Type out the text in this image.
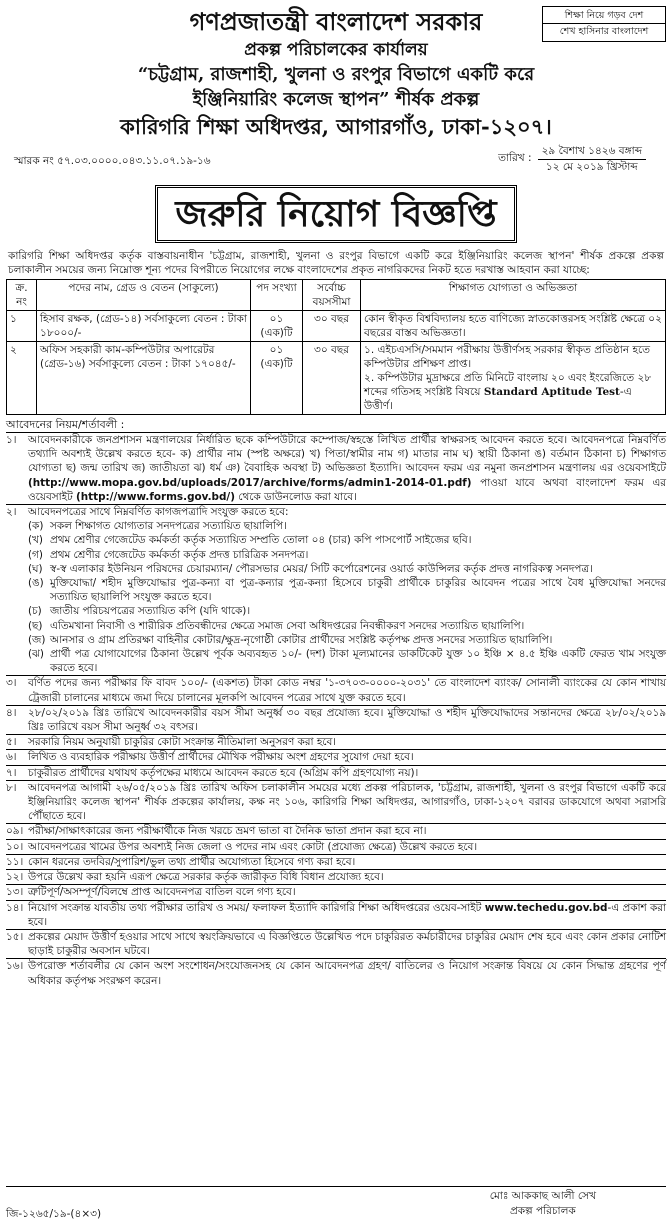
শিক্ষা নিয়ে গড়ব দেশ
শেখ হাসিনার বাংলাদেশ
গণপ্রজাতন্ত্রী বাংলাদেশ সরকার
প্রকল্প পরিচালকের কার্যালয়
“চট্টগ্রাম, রাজশাহী, খুলনা ও রংপুর বিভাগে একটি করে
ইঞ্জিনিয়ারিং কলেজ স্থাপন” শীর্ষক প্রকল্প
কারিগরি শিক্ষা অধিদপ্তর, আগারগাঁও, ঢাকা-১২০৭।
স্মারক নং ৫৭.০৩.০০০০.০৪৩.১১.০৭.১৯-১৬	তারিখ :
২৯ বৈশাখ ১৪২৬ বঙ্গাব্দ
১২ মে ২০১৯ খ্রিস্টাব্দ
জরুরি নিয়োগ বিজ্ঞপ্তি
কারিগরি শিক্ষা অধিদপ্তর কর্তৃক বাস্তবায়নাধীন 'চট্টগ্রাম, রাজশাহী, খুলনা ও রংপুর বিভাগে একটি করে ইঞ্জিনিয়ারিং কলেজ স্থাপন' শীর্ষক প্রকল্পে প্রকল্প চলাকালীন সময়ের জন্য নিম্নোক্ত শূন্য পদের বিপরীতে নিয়োগের লক্ষে বাংলাদেশের প্রকৃত নাগরিকদের নিকট হতে দরখাস্ত আহবান করা যাচ্ছে:
ক্র. নং	পদের নাম, গ্রেড ও বেতন (সাকুল্যে)	পদ সংখ্যা	সর্বোচ্চ বয়সসীমা	শিক্ষাগত যোগ্যতা ও অভিজ্ঞতা
১	হিসাব রক্ষক, (গ্রেড-১৪) সর্বসাকুল্যে বেতন : টাকা ১৮০০০/-	০১ (এক)টি	৩০ বছর	কোন স্বীকৃত বিশ্ববিদ্যালয় হতে বাণিজ্যে স্নাতকোত্তরসহ সংশ্লিষ্ট ক্ষেত্রে ০২ বছরের বাস্তব অভিজ্ঞতা।
২	অফিস সহকারী কাম-কম্পিউটার অপারেটর (গ্রেড-১৬) সর্বসাকুল্যে বেতন : টাকা ১৭০৪৫/-	০১ (এক)টি	৩০ বছর	১. এইচএসসি/সমমান পরীক্ষায় উত্তীর্ণসহ সরকার স্বীকৃত প্রতিষ্ঠান হতে কম্পিউটার প্রশিক্ষণ প্রাপ্ত।
২. কম্পিউটার মুদ্রাক্ষরে প্রতি মিনিটে বাংলায় ২০ এবং ইংরেজিতে ২৮ শব্দের গতিসহ সংশ্লিষ্ট বিষয়ে Standard Aptitude Test-এ উত্তীর্ণ।
আবেদনের নিয়ম/শর্তাবলী :
১।	আবেদনকারীকে জনপ্রশাসন মন্ত্রণালয়ের নির্ধারিত ছকে কম্পিউটারে কম্পোজ/স্বহস্তে লিখিত প্রার্থীর স্বাক্ষরসহ আবেদন করতে হবে। আবেদনপত্রে নিম্নবর্ণিত তথ্যাদি অবশ্যই উল্লেখ করতে হবে- ক) প্রার্থীর নাম (স্পষ্ট অক্ষরে) খ) পিতা/স্বামীর নাম গ) মাতার নাম ঘ) স্থায়ী ঠিকানা ঙ) বর্তমান ঠিকানা চ) শিক্ষাগত যোগ্যতা ছ) জন্ম তারিখ জ) জাতীয়তা ঝ) ধর্ম ঞ) বৈবাহিক অবস্থা ট) অভিজ্ঞতা ইত্যাদি। আবেদন ফরম এর নমুনা জনপ্রশাসন মন্ত্রণালয় এর ওয়েবসাইটে (http://www.mopa.gov.bd/uploads/2017/archive/forms/admin1-2014-01.pdf) পাওয়া যাবে অথবা বাংলাদেশ ফরম এর ওয়েবসাইট (http://www.forms.gov.bd/) থেকে ডাউনলোড করা যাবে।
২।	আবেদনপত্রের সাথে নিম্নবর্ণিত কাগজপত্রাদি সংযুক্ত করতে হবে:
(ক) সকল শিক্ষাগত যোগ্যতার সনদপত্রের সত্যায়িত ছায়ালিপি।
(খ) প্রথম শ্রেণীর গেজেটেড কর্মকর্তা কর্তৃক সত্যায়িত সম্প্রতি তোলা ০৪ (চার) কপি পাসপোর্ট সাইজের ছবি।
(গ) প্রথম শ্রেণীর গেজেটেড কর্মকর্তা কর্তৃক প্রদত্ত চারিত্রিক সনদপত্র।
(ঘ) স্ব-স্ব এলাকার ইউনিয়ন পরিষদের চেয়ারম্যান/ পৌরসভার মেয়র/ সিটি কর্পোরেশনের ওয়ার্ড কাউন্সিলর কর্তৃক প্রদত্ত নাগরিকত্ব সনদপত্র।
(ঙ) মুক্তিযোদ্ধা/ শহীদ মুক্তিযোদ্ধার পুত্র-কন্যা বা পুত্র-কন্যার পুত্র-কন্যা হিসেবে চাকুরী প্রার্থীকে চাকুরির আবেদন পত্রের সাথে বৈধ মুক্তিযোদ্ধা সনদের সত্যায়িত ছায়ালিপি সংযুক্ত করতে হবে।
(চ) জাতীয় পরিচয়পত্রের সত্যায়িত কপি (যদি থাকে)।
(ছ) এতিমখানা নিবাসী ও শারীরিক প্রতিবন্ধীদের ক্ষেত্রে সমাজ সেবা অধিদপ্তরের নিবন্ধীকরণ সনদের সত্যায়িত ছায়ালিপি।
(জ) আনসার ও গ্রাম প্রতিরক্ষা বাহিনীর কোটার/ক্ষুদ্র-নৃগোষ্ঠী কোটার প্রার্থীদের সংশ্লিষ্ট কর্তৃপক্ষ প্রদত্ত সনদের সত্যায়িত ছায়ালিপি।
(ঝ) প্রার্থী পত্র যোগাযোগের ঠিকানা উল্লেখ পূর্বক অব্যবহৃত ১০/- (দশ) টাকা মূল্যমানের ডাকটিকেট যুক্ত ১০ ইঞ্চি × ৪.৫ ইঞ্চি একটি ফেরত খাম সংযুক্ত করতে হবে।
৩।	বর্ণিত পদের জন্য পরীক্ষার ফি বাবদ ১০০/- (একশত) টাকা কোড নম্বর '১-৩৭০৩-০০০০-২০৩১' তে বাংলাদেশ ব্যাংক/ সোনালী ব্যাংকের যে কোন শাখায় ট্রেজারী চালানের মাধ্যমে জমা দিয়ে চালানের মূলকপি আবেদন পত্রের সাথে যুক্ত করতে হবে।
৪।	২৮/০২/২০১৯ খ্রিঃ তারিখে আবেদনকারীর বয়স সীমা অনুর্ধ্ব ৩০ বছর প্রযোজ্য হবে। মুক্তিযোদ্ধা ও শহীদ মুক্তিযোদ্ধাদের সন্তানদের ক্ষেত্রে ২৮/০২/২০১৯ খ্রিঃ তারিখে বয়স সীমা অনুর্ধ্ব ৩২ বৎসর।
৫।	সরকারি নিয়ম অনুযায়ী চাকুরির কোটা সংক্রান্ত নীতিমালা অনুসরণ করা হবে।
৬।	লিখিত ও ব্যবহারিক পরীক্ষায় উত্তীর্ণ প্রার্থীদের মৌখিক পরীক্ষায় অংশ গ্রহণের সুযোগ দেয়া হবে।
৭।	চাকুরীরত প্রার্থীদের যথাযথ কর্তৃপক্ষের মাধ্যমে আবেদন করতে হবে (অগ্রিম কপি গ্রহণযোগ্য নয়)।
৮।	আবেদনপত্র আগামী ২৬/০৫/২০১৯ খ্রিঃ তারিখ অফিস চলাকালীন সময়ের মধ্যে প্রকল্প পরিচালক, 'চট্টগ্রাম, রাজশাহী, খুলনা ও রংপুর বিভাগে একটি করে ইঞ্জিনিয়ারিং কলেজ স্থাপন' শীর্ষক প্রকল্পের কার্যালয়, কক্ষ নং ১০৬, কারিগরি শিক্ষা অধিদপ্তর, আগারগাঁও, ঢাকা-১২০৭ বরাবর ডাকযোগে অথবা সরাসরি পৌঁছাতে হবে।
০৯। পরীক্ষা/সাক্ষাৎকারের জন্য পরীক্ষার্থীকে নিজ খরচে ভ্রমণ ভাতা বা দৈনিক ভাতা প্রদান করা হবে না।
১০। আবেদনপত্রের খামের উপর অবশ্যই নিজ জেলা ও পদের নাম এবং কোটা (প্রযোজ্য ক্ষেত্রে) উল্লেখ করতে হবে।
১১। কোন ধরনের তদবির/সুপারিশ/ভুল তথ্য প্রার্থীর অযোগ্যতা হিসেবে গণ্য করা হবে।
১২। উপরে উল্লেখ করা হয়নি এরূপ ক্ষেত্রে সরকার কর্তৃক জারীকৃত বিধি বিধান প্রযোজ্য হবে।
১৩। ত্রুটিপূর্ণ/অসম্পূর্ণ/বিলম্বে প্রাপ্ত আবেদনপত্র বাতিল বলে গণ্য হবে।
১৪। নিয়োগ সংক্রান্ত যাবতীয় তথ্য পরীক্ষার তারিখ ও সময়/ ফলাফল ইত্যাদি কারিগরি শিক্ষা অধিদপ্তরের ওয়েব-সাইট www.techedu.gov.bd-এ প্রকাশ করা হবে।
১৫। প্রকল্পের মেয়াদ উত্তীর্ণ হওয়ার সাথে সাথে স্বয়ংক্রিয়ভাবে এ বিজ্ঞপ্তিতে উল্লেখিত পদে চাকুরিরত কর্মচারীদের চাকুরির মেয়াদ শেষ হবে এবং কোন প্রকার নোটিশ ছাড়াই চাকুরীর অবসান ঘটবে।
১৬। উপরোক্ত শর্তাবলীর যে কোন অংশ সংশোধন/সংযোজনসহ যে কোন আবেদনপত্র গ্রহণ/ বাতিলের ও নিয়োগ সংক্রান্ত বিষয়ে যে কোন সিদ্ধান্ত গ্রহণের পূর্ণ অধিকার কর্তৃপক্ষ সংরক্ষণ করেন।
জি-১২৬৫/১৯-(৪×৩)
মোঃ আককাছ আলী সেখ
প্রকল্প পরিচালক
